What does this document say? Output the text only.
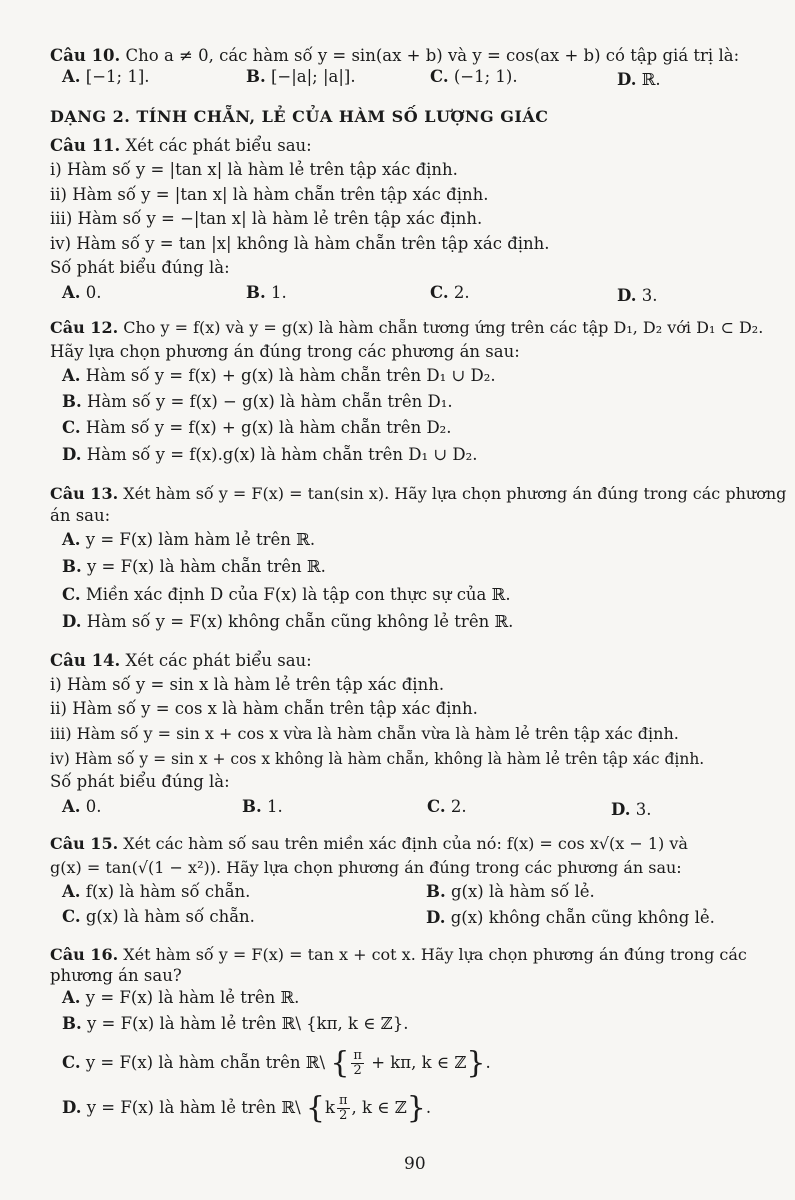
Câu 10. Cho a ≠ 0, các hàm số y = sin(ax + b) và y = cos(ax + b) có tập giá trị là:
A. [−1; 1].	B. [−|a|; |a|].	C. (−1; 1).	D. ℝ.
DẠNG 2. TÍNH CHẴN, LẺ CỦA HÀM SỐ LƯỢNG GIÁC
Câu 11. Xét các phát biểu sau:
i) Hàm số y = |tan x| là hàm lẻ trên tập xác định.
ii) Hàm số y = |tan x| là hàm chẵn trên tập xác định.
iii) Hàm số y = −|tan x| là hàm lẻ trên tập xác định.
iv) Hàm số y = tan |x| không là hàm chẵn trên tập xác định.
Số phát biểu đúng là:
A. 0.	B. 1.	C. 2.	D. 3.
Câu 12. Cho y = f(x) và y = g(x) là hàm chẵn tương ứng trên các tập D₁, D₂ với D₁ ⊂ D₂.
Hãy lựa chọn phương án đúng trong các phương án sau:
A. Hàm số y = f(x) + g(x) là hàm chẵn trên D₁ ∪ D₂.
B. Hàm số y = f(x) − g(x) là hàm chẵn trên D₁.
C. Hàm số y = f(x) + g(x) là hàm chẵn trên D₂.
D. Hàm số y = f(x).g(x) là hàm chẵn trên D₁ ∪ D₂.
Câu 13. Xét hàm số y = F(x) = tan(sin x). Hãy lựa chọn phương án đúng trong các phương
án sau:
A. y = F(x) làm hàm lẻ trên ℝ.
B. y = F(x) là hàm chẵn trên ℝ.
C. Miền xác định D của F(x) là tập con thực sự của ℝ.
D. Hàm số y = F(x) không chẵn cũng không lẻ trên ℝ.
Câu 14. Xét các phát biểu sau:
i) Hàm số y = sin x là hàm lẻ trên tập xác định.
ii) Hàm số y = cos x là hàm chẵn trên tập xác định.
iii) Hàm số y = sin x + cos x vừa là hàm chẵn vừa là hàm lẻ trên tập xác định.
iv) Hàm số y = sin x + cos x không là hàm chẵn, không là hàm lẻ trên tập xác định.
Số phát biểu đúng là:
A. 0.	B. 1.	C. 2.	D. 3.
Câu 15. Xét các hàm số sau trên miền xác định của nó: f(x) = cos x√(x − 1) và
g(x) = tan(√(1 − x²)). Hãy lựa chọn phương án đúng trong các phương án sau:
A. f(x) là hàm số chẵn.	B. g(x) là hàm số lẻ.
C. g(x) là hàm số chẵn.	D. g(x) không chẵn cũng không lẻ.
Câu 16. Xét hàm số y = F(x) = tan x + cot x. Hãy lựa chọn phương án đúng trong các
phương án sau?
A. y = F(x) là hàm lẻ trên ℝ.
B. y = F(x) là hàm lẻ trên ℝ\ {kπ, k ∈ ℤ}.
C. y = F(x) là hàm chẵn trên ℝ\ { $\frac{\pi}{2} + k\pi$, k ∈ ℤ}.
D. y = F(x) là hàm lẻ trên ℝ\ {$k \frac{\pi}{2}$ , k ∈ ℤ}.
90
